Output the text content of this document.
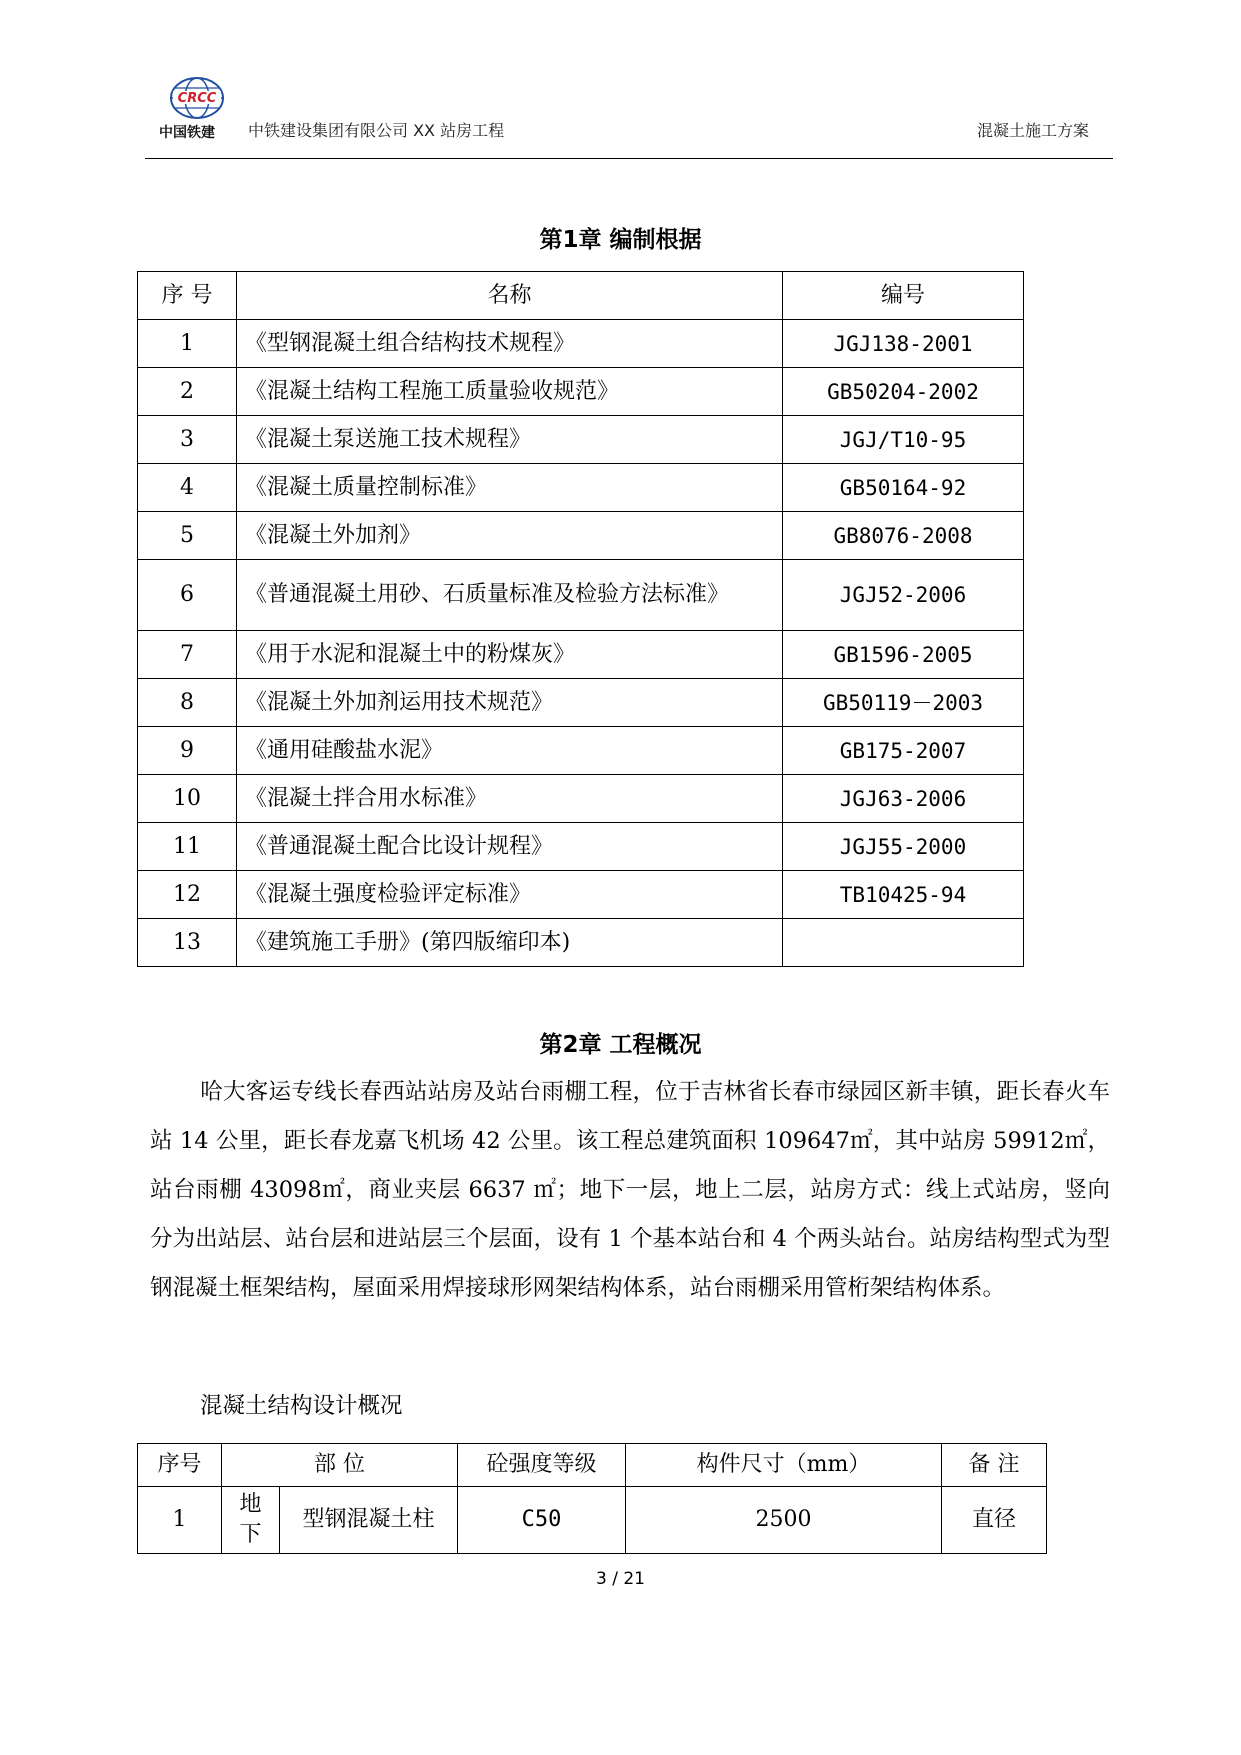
CRCC
中国铁建 中铁建设集团有限公司 XX 站房工程	混凝土施工方案
第1章 编制根据
序 号	名称	编号
1	《型钢混凝土组合结构技术规程》	JGJ138-2001
2	《混凝土结构工程施工质量验收规范》	GB50204-2002
3	《混凝土泵送施工技术规程》	JGJ/T10-95
4	《混凝土质量控制标准》	GB50164-92
5	《混凝土外加剂》	GB8076-2008
6	《普通混凝土用砂、石质量标准及检验方法标准》	JGJ52-2006
7	《用于水泥和混凝土中的粉煤灰》	GB1596-2005
8	《混凝土外加剂运用技术规范》	GB50119－2003
9	《通用硅酸盐水泥》	GB175-2007
10	《混凝土拌合用水标准》	JGJ63-2006
11	《普通混凝土配合比设计规程》	JGJ55-2000
12	《混凝土强度检验评定标准》	TB10425-94
13	《建筑施工手册》(第四版缩印本)	
第2章 工程概况
哈大客运专线长春西站站房及站台雨棚工程，位于吉林省长春市绿园区新丰镇，距长春火车站 14 公里，距长春龙嘉飞机场 42 公里。该工程总建筑面积 109647㎡，其中站房 59912㎡，站台雨棚 43098㎡，商业夹层 6637 ㎡；地下一层，地上二层，站房方式：线上式站房，竖向分为出站层、站台层和进站层三个层面，设有 1 个基本站台和 4 个两头站台。站房结构型式为型钢混凝土框架结构，屋面采用焊接球形网架结构体系，站台雨棚采用管桁架结构体系。
混凝土结构设计概况
序号	部 位		砼强度等级	构件尺寸（mm）	备 注
1	地下	型钢混凝土柱	C50	2500	直径
3 / 21
